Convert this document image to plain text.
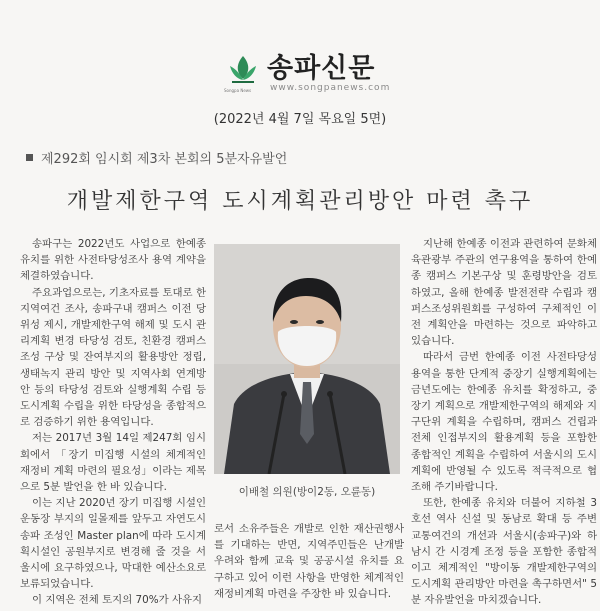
Songpa News
송파신문
www.songpanews.com
(2022년 4월 7일 목요일 5면)
제292회 임시회 제3차 본회의 5분자유발언
개발제한구역 도시계획관리방안 마련 촉구

송파구는 2022년도 사업으로 한예종 유치를 위한 사전타당성조사 용역 계약을 체결하였습니다.

주요과업으로는, 기초자료를 토대로 한 지역여건 조사, 송파구내 캠퍼스 이전 당위성 제시, 개발제한구역 해제 및 도시 관리계획 변경 타당성 검토, 친환경 캠퍼스 조성 구상 및 잔여부지의 활용방안 정립, 생태녹지 관리 방안 및 지역사회 연계방안 등의 타당성 검토와 실행계획 수립 등 도시계획 수립을 위한 타당성을 종합적으로 검증하기 위한 용역입니다.

저는 2017년 3월 14일 제247회 임시회에서 「장기 미집행 시설의 체계적인 재정비 계획 마련의 필요성」이라는 제목으로 5분 발언을 한 바 있습니다.

이는 지난 2020년 장기 미집행 시설인 운동장 부지의 일몰제를 앞두고 자연도시 송파 조성인 Master plan에 따라 도시계획시설인 공원부지로 변경해 줄 것을 서울시에 요구하였으나, 막대한 예산소요로 보류되었습니다.

이 지역은 전체 토지의 70%가 사유지

이배철 의원(방이2동, 오륜동)

로서 소유주들은 개발로 인한 재산권행사를 기대하는 반면, 지역주민들은 난개발 우려와 함께 교육 및 공공시설 유치를 요구하고 있어 이런 사항을 반영한 체계적인 재정비계획 마련을 주장한 바 있습니다.

지난해 한예종 이전과 관련하여 문화체육관광부 주관의 연구용역을 통하여 한예종 캠퍼스 기본구상 및 훈령방안을 검토하였고, 올해 한예종 발전전략 수립과 캠퍼스조성위원회를 구성하여 구체적인 이전 계획안을 마련하는 것으로 파악하고 있습니다.

따라서 금번 한예종 이전 사전타당성 용역을 통한 단계적 중장기 실행계획에는 금년도에는 한예종 유치를 확정하고, 중장기 계획으로 개발제한구역의 해제와 지구단위 계획을 수립하며, 캠퍼스 건립과 전체 인접부지의 활용계획 등을 포함한 종합적인 계획을 수립하여 서울시의 도시계획에 반영될 수 있도록 적극적으로 협조해 주기바랍니다.

또한, 한예종 유치와 더불어 지하철 3호선 역사 신설 및 동남로 확대 등 주변 교통여건의 개선과 서울시(송파구)와 하남시 간 시경계 조정 등을 포함한 종합적이고 체계적인 "방이동 개발제한구역의 도시계획 관리방안 마련을 촉구하면서" 5분 자유발언을 마치겠습니다.
